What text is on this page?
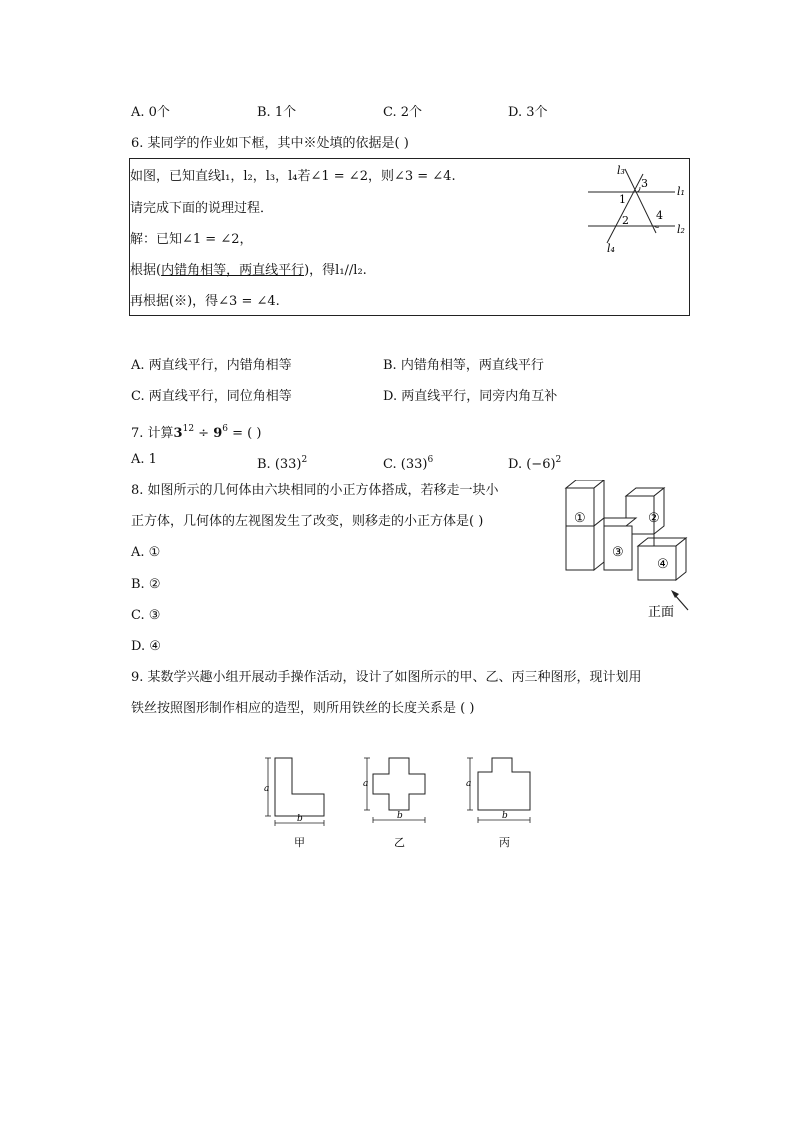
A. 0个	B. 1个	C. 2个	D. 3个
6. 某同学的作业如下框，其中※处填的依据是( )
如图，已知直线l₁，l₂，l₃，l₄若∠1 = ∠2，则∠3 = ∠4.
请完成下面的说理过程．
解：已知∠1 = ∠2，
根据(内错角相等，两直线平行)，得l₁//l₂.
再根据(※)，得∠3 = ∠4.
l₃
l₁
l₂
l₄
3
1
2 4
A. 两直线平行，内错角相等	B. 内错角相等，两直线平行
C. 两直线平行，同位角相等	D. 两直线平行，同旁内角互补
7. 计算$3^{12} \div 9^6$ = ( )
A. 1	B. $(33)^2$	C. $(33)^6$	D. $(-6)^2$
8. 如图所示的几何体由六块相同的小正方体搭成，若移走一块小
正方体，几何体的左视图发生了改变，则移走的小正方体是( )
A. ①
B. ②
C. ③
D. ④
①	②
③
④
正面
9. 某数学兴趣小组开展动手操作活动，设计了如图所示的甲、乙、丙三种图形，现计划用
铁丝按照图形制作相应的造型，则所用铁丝的长度关系是 ( )
a
b
甲
a
b
乙
a
b
丙
